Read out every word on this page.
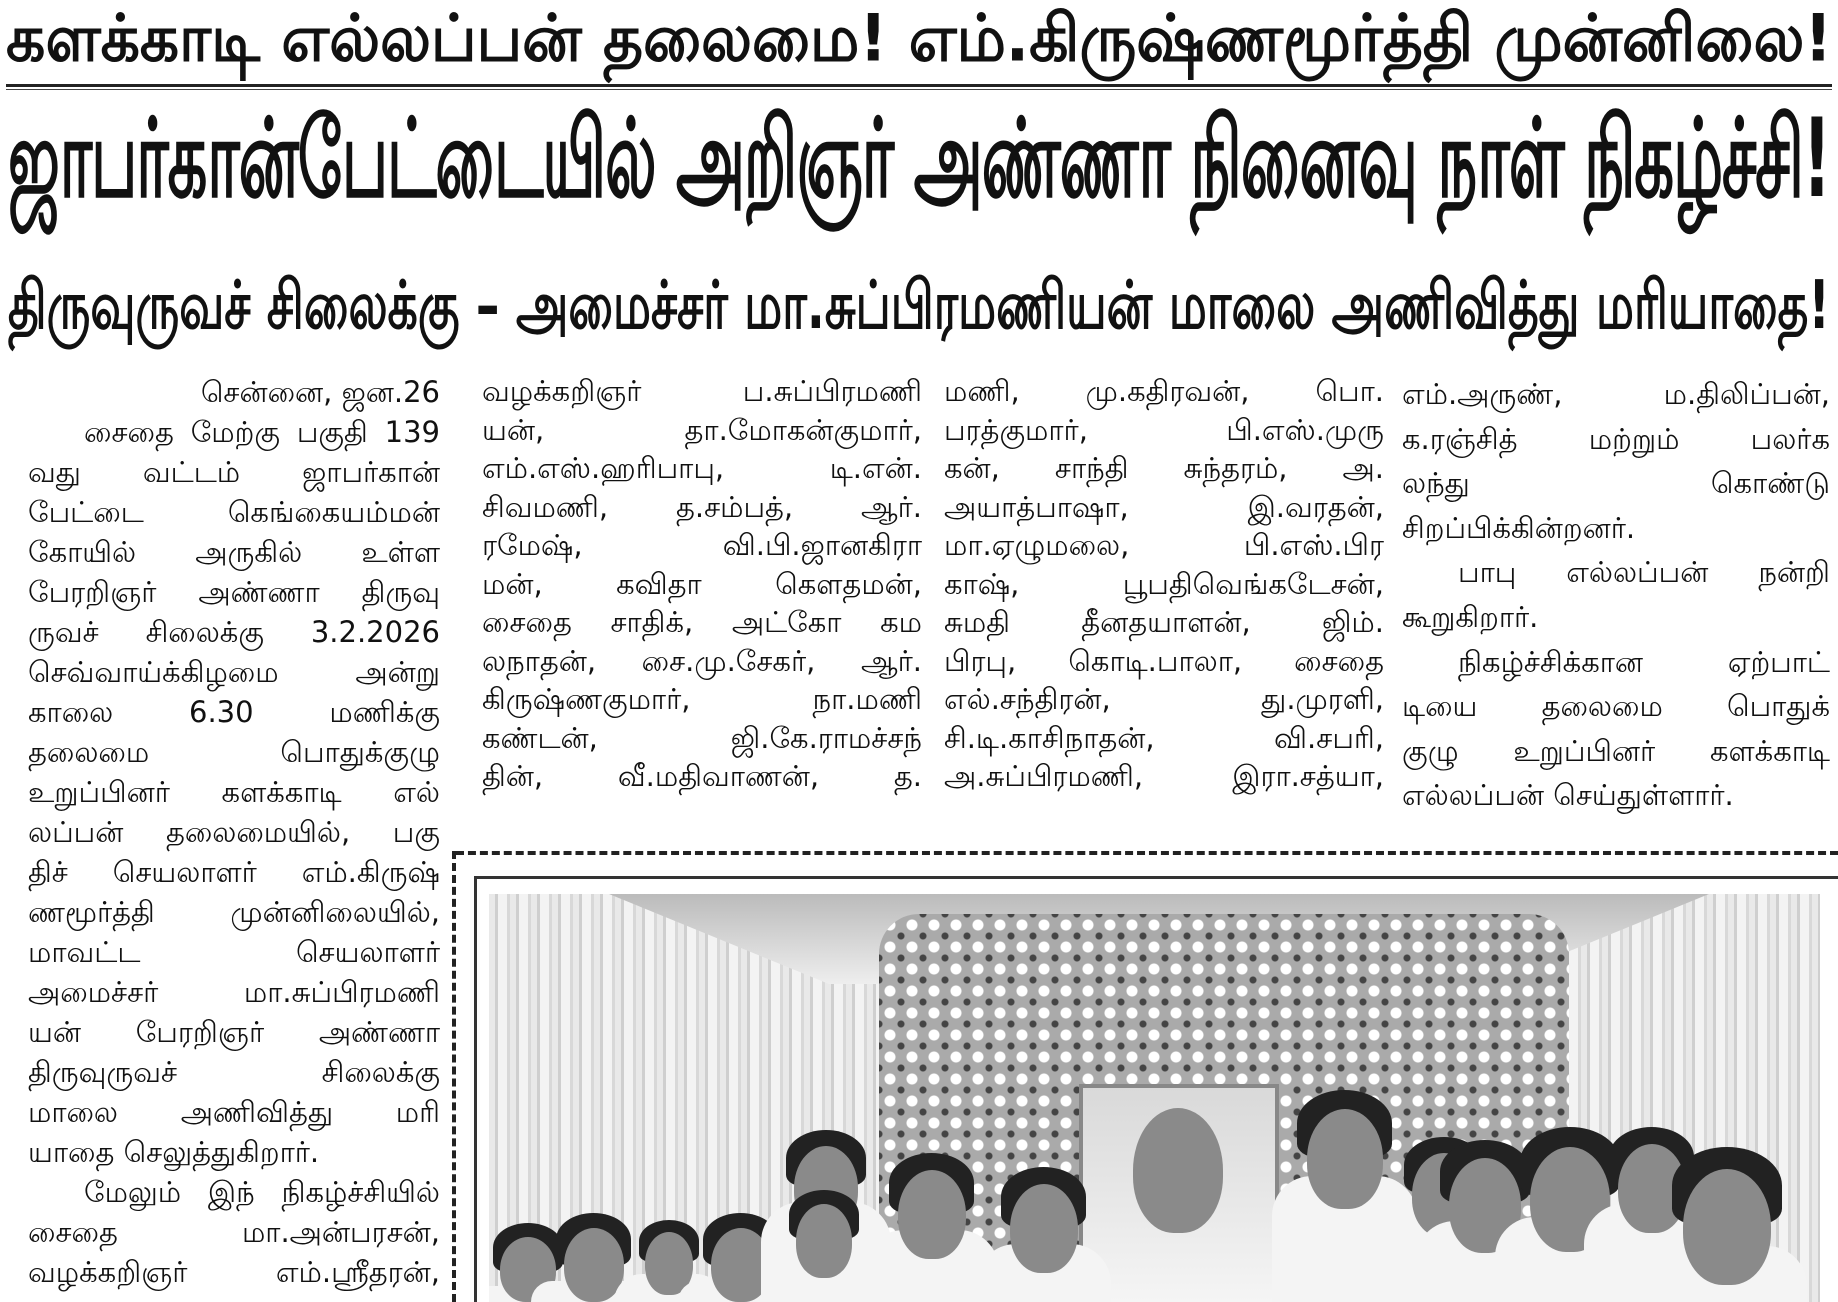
களக்காடி எல்லப்பன் தலைமை! எம்.கிருஷ்ணமூர்த்தி முன்னிலை!
ஜாபர்கான்பேட்டையில் அறிஞர் அண்ணா நினைவு நாள் நிகழ்ச்சி!
திருவுருவச் சிலைக்கு – அமைச்சர் மா.சுப்பிரமணியன் மாலை அணிவித்து மரியாதை!
சென்னை, ஜன.26
சைதை மேற்கு பகுதி 139
வது வட்டம் ஜாபர்கான்
பேட்டை கெங்கையம்மன்
கோயில் அருகில் உள்ள
பேரறிஞர் அண்ணா திருவு
ருவச் சிலைக்கு 3.2.2026
செவ்வாய்க்கிழமை அன்று
காலை 6.30 மணிக்கு
தலைமை பொதுக்குழு
உறுப்பினர் களக்காடி எல்
லப்பன் தலைமையில், பகு
திச் செயலாளர் எம்.கிருஷ்
ணமூர்த்தி முன்னிலையில்,
மாவட்ட செயலாளர்
அமைச்சர் மா.சுப்பிரமணி
யன் பேரறிஞர் அண்ணா
திருவுருவச் சிலைக்கு
மாலை அணிவித்து மரி
யாதை செலுத்துகிறார்.
மேலும் இந் நிகழ்ச்சியில்
சைதை மா.அன்பரசன்,
வழக்கறிஞர் எம்.ஸ்ரீதரன்,
வழக்கறிஞர் ப.சுப்பிரமணி
யன், தா.மோகன்குமார்,
எம்.எஸ்.ஹரிபாபு, டி.என்.
சிவமணி, த.சம்பத், ஆர்.
ரமேஷ், வி.பி.ஜானகிரா
மன், கவிதா கௌதமன்,
சைதை சாதிக், அட்கோ கம
லநாதன், சை.மு.சேகர், ஆர்.
கிருஷ்ணகுமார், நா.மணி
கண்டன், ஜி.கே.ராமச்சந்
தின், வீ.மதிவாணன், த.
மணி, மு.கதிரவன், பொ.
பரத்குமார், பி.எஸ்.முரு
கன், சாந்தி சுந்தரம், அ.
அயாத்பாஷா, இ.வரதன்,
மா.ஏழுமலை, பி.எஸ்.பிர
காஷ், பூபதிவெங்கடேசன்,
சுமதி தீனதயாளன், ஜிம்.
பிரபு, கொடி.பாலா, சைதை
எல்.சந்திரன், து.முரளி,
சி.டி.காசிநாதன், வி.சபரி,
அ.சுப்பிரமணி, இரா.சத்யா,
எம்.அருண், ம.திலிப்பன்,
க.ரஞ்சித் மற்றும் பலர்க
லந்து கொண்டு
சிறப்பிக்கின்றனர்.
பாபு எல்லப்பன் நன்றி
கூறுகிறார்.
நிகழ்ச்சிக்கான ஏற்பாட்
டியை தலைமை பொதுக்
குழு உறுப்பினர் களக்காடி
எல்லப்பன் செய்துள்ளார்.
